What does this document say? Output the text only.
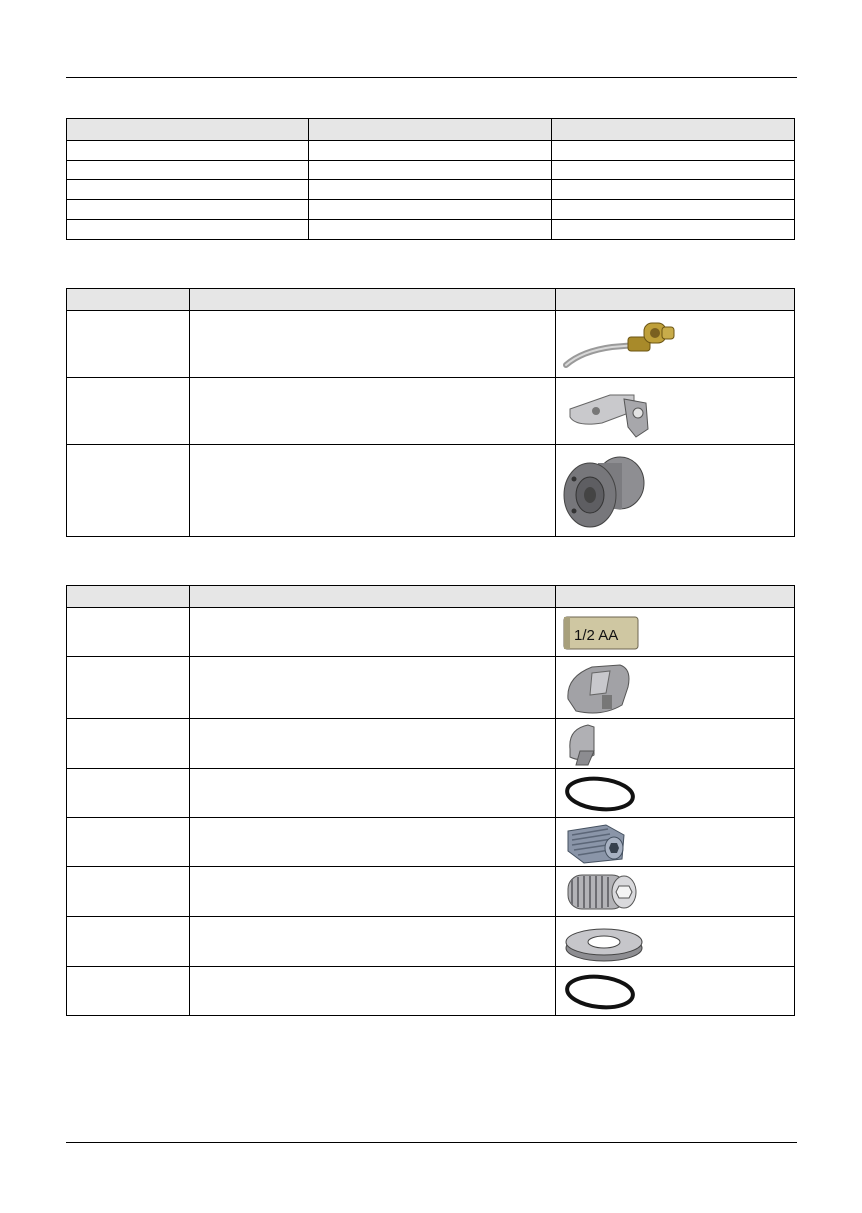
1/2 AA
